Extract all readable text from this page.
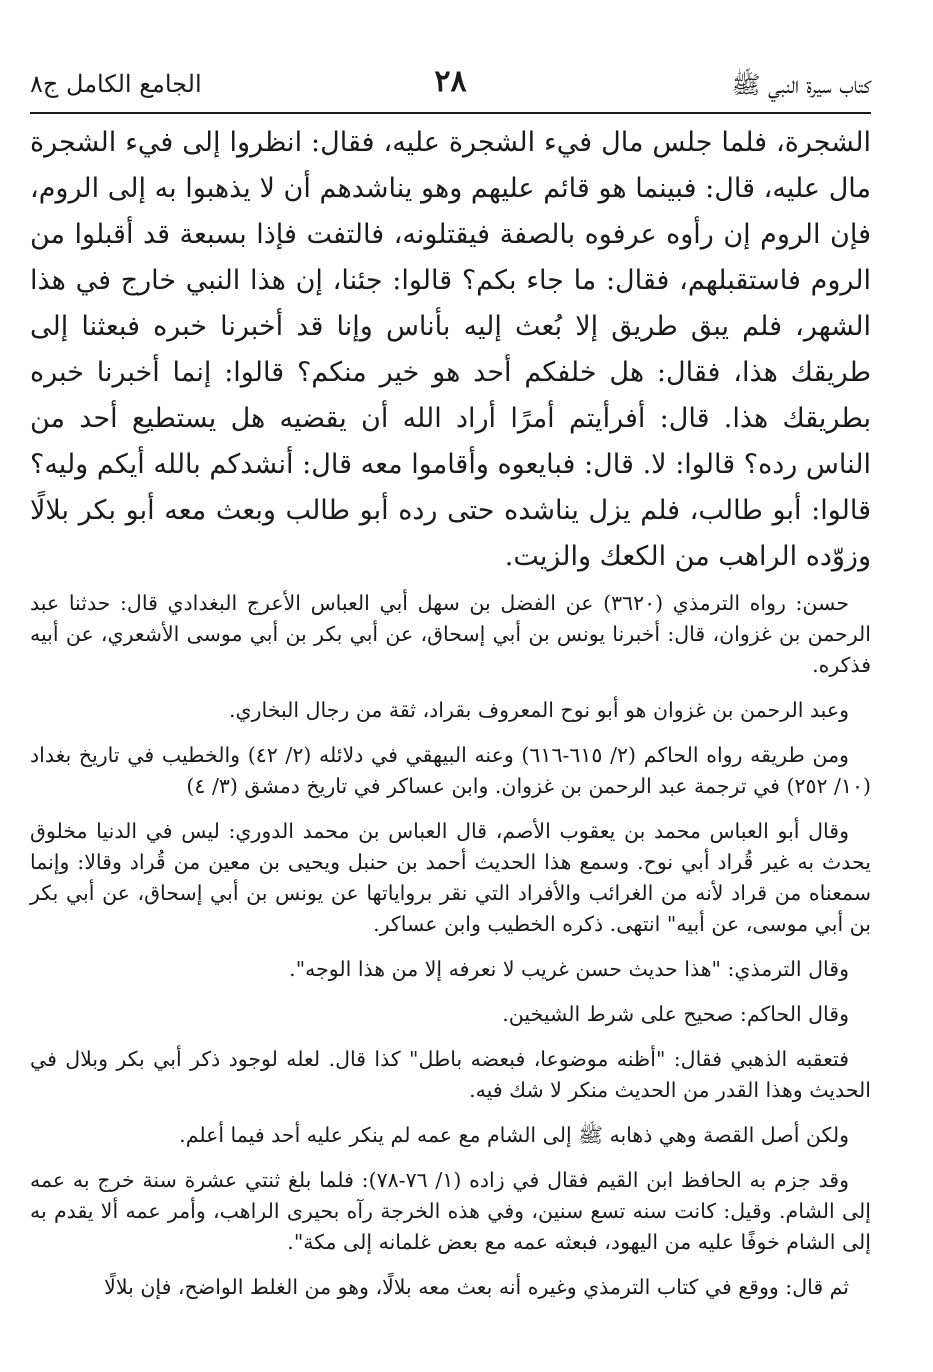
كتاب سيرة النبي ﷺ
٢٨
الجامع الكامل ج٨

الشجرة، فلما جلس مال فيء الشجرة عليه، فقال: انظروا إلى فيء الشجرة مال عليه، قال: فبينما هو قائم عليهم وهو يناشدهم أن لا يذهبوا به إلى الروم، فإن الروم إن رأوه عرفوه بالصفة فيقتلونه، فالتفت فإذا بسبعة قد أقبلوا من الروم فاستقبلهم، فقال: ما جاء بكم؟ قالوا: جئنا، إن هذا النبي خارج في هذا الشهر، فلم يبق طريق إلا بُعث إليه بأناس وإنا قد أخبرنا خبره فبعثنا إلى طريقك هذا، فقال: هل خلفكم أحد هو خير منكم؟ قالوا: إنما أخبرنا خبره بطريقك هذا. قال: أفرأيتم أمرًا أراد الله أن يقضيه هل يستطيع أحد من الناس رده؟ قالوا: لا. قال: فبايعوه وأقاموا معه قال: أنشدكم بالله أيكم وليه؟ قالوا: أبو طالب، فلم يزل يناشده حتى رده أبو طالب وبعث معه أبو بكر بلالًا وزوّده الراهب من الكعك والزيت.

حسن: رواه الترمذي (٣٦٢٠) عن الفضل بن سهل أبي العباس الأعرج البغدادي قال: حدثنا عبد الرحمن بن غزوان، قال: أخبرنا يونس بن أبي إسحاق، عن أبي بكر بن أبي موسى الأشعري، عن أبيه فذكره.

وعبد الرحمن بن غزوان هو أبو نوح المعروف بقراد، ثقة من رجال البخاري.

ومن طريقه رواه الحاكم (٢/ ٦١٥-٦١٦) وعنه البيهقي في دلائله (٢/ ٤٢) والخطيب في تاريخ بغداد (١٠/ ٢٥٢) في ترجمة عبد الرحمن بن غزوان. وابن عساكر في تاريخ دمشق (٣/ ٤)

وقال أبو العباس محمد بن يعقوب الأصم، قال العباس بن محمد الدوري: ليس في الدنيا مخلوق يحدث به غير قُراد أبي نوح. وسمع هذا الحديث أحمد بن حنبل ويحيى بن معين من قُراد وقالا: وإنما سمعناه من قراد لأنه من الغرائب والأفراد التي نقر برواياتها عن يونس بن أبي إسحاق، عن أبي بكر بن أبي موسى، عن أبيه" انتهى. ذكره الخطيب وابن عساكر.

وقال الترمذي: "هذا حديث حسن غريب لا نعرفه إلا من هذا الوجه".

وقال الحاكم: صحيح على شرط الشيخين.

فتعقبه الذهبي فقال: "أظنه موضوعا، فبعضه باطل" كذا قال. لعله لوجود ذكر أبي بكر وبلال في الحديث وهذا القدر من الحديث منكر لا شك فيه.

ولكن أصل القصة وهي ذهابه ﷺ إلى الشام مع عمه لم ينكر عليه أحد فيما أعلم.

وقد جزم به الحافظ ابن القيم فقال في زاده (١/ ٧٦-٧٨): فلما بلغ ثنتي عشرة سنة خرج به عمه إلى الشام. وقيل: كانت سنه تسع سنين، وفي هذه الخرجة رآه بحيرى الراهب، وأمر عمه ألا يقدم به إلى الشام خوفًا عليه من اليهود، فبعثه عمه مع بعض غلمانه إلى مكة".

ثم قال: ووقع في كتاب الترمذي وغيره أنه بعث معه بلالًا، وهو من الغلط الواضح، فإن بلالًا
